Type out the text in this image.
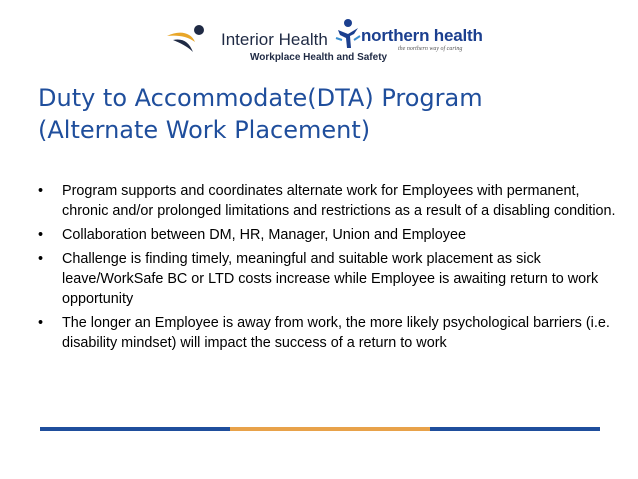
Interior Health northern health
the northern way of caring
Workplace Health and Safety
Duty to Accommodate(DTA) Program
(Alternate Work Placement)
• Program supports and coordinates alternate work for Employees with permanent, chronic and/or prolonged limitations and restrictions as a result of a disabling condition.
• Collaboration between DM, HR, Manager, Union and Employee
• Challenge is finding timely, meaningful and suitable work placement as sick leave/WorkSafe BC or LTD costs increase while Employee is awaiting return to work opportunity
• The longer an Employee is away from work, the more likely psychological barriers (i.e. disability mindset) will impact the success of a return to work
